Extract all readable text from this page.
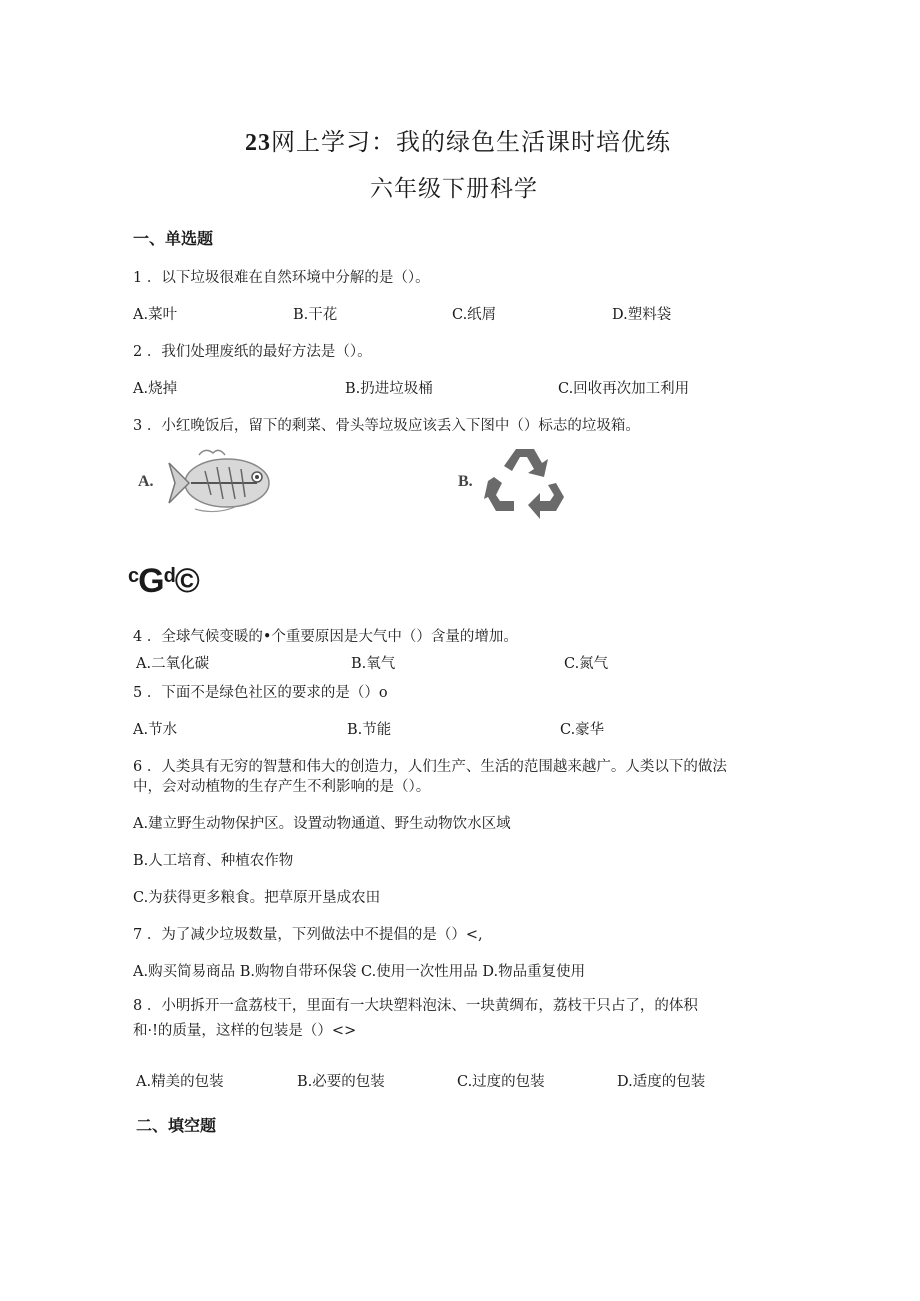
23网上学习：我的绿色生活课时培优练
六年级下册科学
一、单选题
1 ．以下垃圾很难在自然环境中分解的是（）。
A.菜叶	B.干花	C.纸屑	D.塑料袋
2 ．我们处理废纸的最好方法是（）。
A.烧掉	B.扔进垃圾桶	C.回收再次加工利用
3 ．小红晚饭后，留下的剩菜、骨头等垃圾应该丢入下图中（）标志的垃圾箱。
A.	B.
$^cG^d©$
4 ．全球气候变暖的•个重要原因是大气中（）含量的增加。
A.二氧化碳	B.氧气	C.氮气
5 ．下面不是绿色社区的要求的是（）o
A.节水	B.节能	C.豪华
6 ．人类具有无穷的智慧和伟大的创造力，人们生产、生活的范围越来越广。人类以下的做法
中，会对动植物的生存产生不利影响的是（）。
A.建立野生动物保护区。设置动物通道、野生动物饮水区域
B.人工培育、种植农作物
C.为获得更多粮食。把草原开垦成农田
7 ．为了减少垃圾数量，下列做法中不提倡的是（）<,
A.购买简易商品 B.购物自带环保袋 C.使用一次性用品 D.物品重复使用
8 ．小明拆开一盒荔枝干，里面有一大块塑料泡沫、一块黄绸布，荔枝干只占了，的体积
和·!的质量，这样的包装是（）<>
A.精美的包装	B.必要的包装	C.过度的包装	D.适度的包装
二、填空题
